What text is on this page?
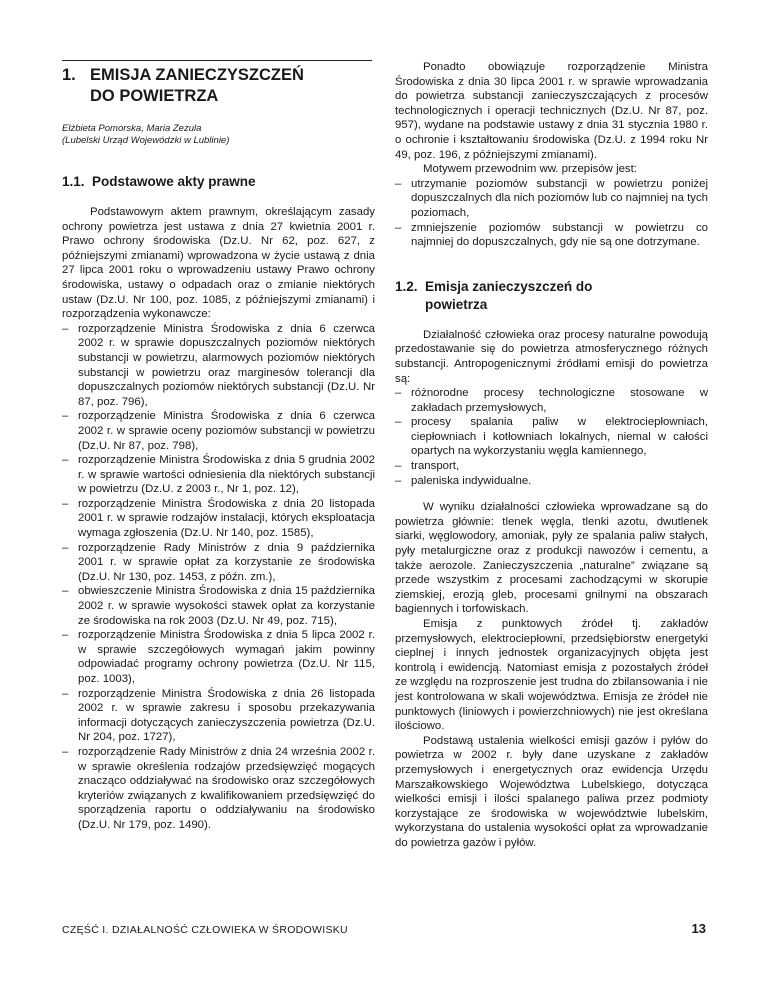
1. EMISJA ZANIECZYSZCZEŃ
DO POWIETRZA
Elżbieta Pomorska, Maria Zezula
(Lubelski Urząd Wojewódzki w Lublinie)
1.1. Podstawowe akty prawne

Podstawowym aktem prawnym, określającym zasady ochrony powietrza jest ustawa z dnia 27 kwietnia 2001 r. Prawo ochrony środowiska (Dz.U. Nr 62, poz. 627, z późniejszymi zmianami) wprowadzona w życie ustawą z dnia 27 lipca 2001 roku o wprowadzeniu ustawy Prawo ochrony środowiska, ustawy o odpadach oraz o zmianie niektórych ustaw (Dz.U. Nr 100, poz. 1085, z późniejszymi zmianami) i rozporządzenia wykonawcze:

– rozporządzenie Ministra Środowiska z dnia 6 czerwca 2002 r. w sprawie dopuszczalnych poziomów niektórych substancji w powietrzu, alarmowych poziomów niektórych substancji w powietrzu oraz marginesów tolerancji dla dopuszczalnych poziomów niektórych substancji (Dz.U. Nr 87, poz. 796),
– rozporządzenie Ministra Środowiska z dnia 6 czerwca 2002 r. w sprawie oceny poziomów substancji w powietrzu (Dz.U. Nr 87, poz. 798),
– rozporządzenie Ministra Środowiska z dnia 5 grudnia 2002 r. w sprawie wartości odniesienia dla niektórych substancji w powietrzu (Dz.U. z 2003 r., Nr 1, poz. 12),
– rozporządzenie Ministra Środowiska z dnia 20 listopada 2001 r. w sprawie rodzajów instalacji, których eksploatacja wymaga zgłoszenia (Dz.U. Nr 140, poz. 1585),
– rozporządzenie Rady Ministrów z dnia 9 października 2001 r. w sprawie opłat za korzystanie ze środowiska (Dz.U. Nr 130, poz. 1453, z późn. zm.),
– obwieszczenie Ministra Środowiska z dnia 15 października 2002 r. w sprawie wysokości stawek opłat za korzystanie ze środowiska na rok 2003 (Dz.U. Nr 49, poz. 715),
– rozporządzenie Ministra Środowiska z dnia 5 lipca 2002 r. w sprawie szczegółowych wymagań jakim powinny odpowiadać programy ochrony powietrza (Dz.U. Nr 115, poz. 1003),
– rozporządzenie Ministra Środowiska z dnia 26 listopada 2002 r. w sprawie zakresu i sposobu przekazywania informacji dotyczących zanieczyszczenia powietrza (Dz.U. Nr 204, poz. 1727),
– rozporządzenie Rady Ministrów z dnia 24 września 2002 r. w sprawie określenia rodzajów przedsięwzięć mogących znacząco oddziaływać na środowisko oraz szczegółowych kryteriów związanych z kwalifikowaniem przedsięwzięć do sporządzenia raportu o oddziaływaniu na środowisko (Dz.U. Nr 179, poz. 1490).

Ponadto obowiązuje rozporządzenie Ministra Środowiska z dnia 30 lipca 2001 r. w sprawie wprowadzania do powietrza substancji zanieczyszczających z procesów technologicznych i operacji technicznych (Dz.U. Nr 87, poz. 957), wydane na podstawie ustawy z dnia 31 stycznia 1980 r. o ochronie i kształtowaniu środowiska (Dz.U. z 1994 roku Nr 49, poz. 196, z późniejszymi zmianami).

Motywem przewodnim ww. przepisów jest:

– utrzymanie poziomów substancji w powietrzu poniżej dopuszczalnych dla nich poziomów lub co najmniej na tych poziomach,
– zmniejszenie poziomów substancji w powietrzu co najmniej do dopuszczalnych, gdy nie są one dotrzymane.
1.2. Emisja zanieczyszczeń do
powietrza

Działalność człowieka oraz procesy naturalne powodują przedostawanie się do powietrza atmosferycznego różnych substancji. Antropogenicznymi źródłami emisji do powietrza są:

– różnorodne procesy technologiczne stosowane w zakładach przemysłowych,
– procesy spalania paliw w elektrociepłowniach, ciepłowniach i kotłowniach lokalnych, niemal w całości opartych na wykorzystaniu węgla kamiennego,
– transport,
– paleniska indywidualne.

W wyniku działalności człowieka wprowadzane są do powietrza głównie: tlenek węgla, tlenki azotu, dwutlenek siarki, węglowodory, amoniak, pyły ze spalania paliw stałych, pyły metalurgiczne oraz z produkcji nawozów i cementu, a także aerozole. Zanieczyszczenia „naturalne” związane są przede wszystkim z procesami zachodzącymi w skorupie ziemskiej, erozją gleb, procesami gnilnymi na obszarach bagiennych i torfowiskach.

Emisja z punktowych źródeł tj. zakładów przemysłowych, elektrociepłowni, przedsiębiorstw energetyki cieplnej i innych jednostek organizacyjnych objęta jest kontrolą i ewidencją. Natomiast emisja z pozostałych źródeł ze względu na rozproszenie jest trudna do zbilansowania i nie jest kontrolowana w skali województwa. Emisja ze źródeł nie punktowych (liniowych i powierzchniowych) nie jest określana ilościowo.

Podstawą ustalenia wielkości emisji gazów i pyłów do powietrza w 2002 r. były dane uzyskane z zakładów przemysłowych i energetycznych oraz ewidencja Urzędu Marszałkowskiego Województwa Lubelskiego, dotycząca wielkości emisji i ilości spalanego paliwa przez podmioty korzystające ze środowiska w województwie lubelskim, wykorzystana do ustalenia wysokości opłat za wprowadzanie do powietrza gazów i pyłów.

CZĘŚĆ I. DZIAŁALNOŚĆ CZŁOWIEKA W ŚRODOWISKU	13
